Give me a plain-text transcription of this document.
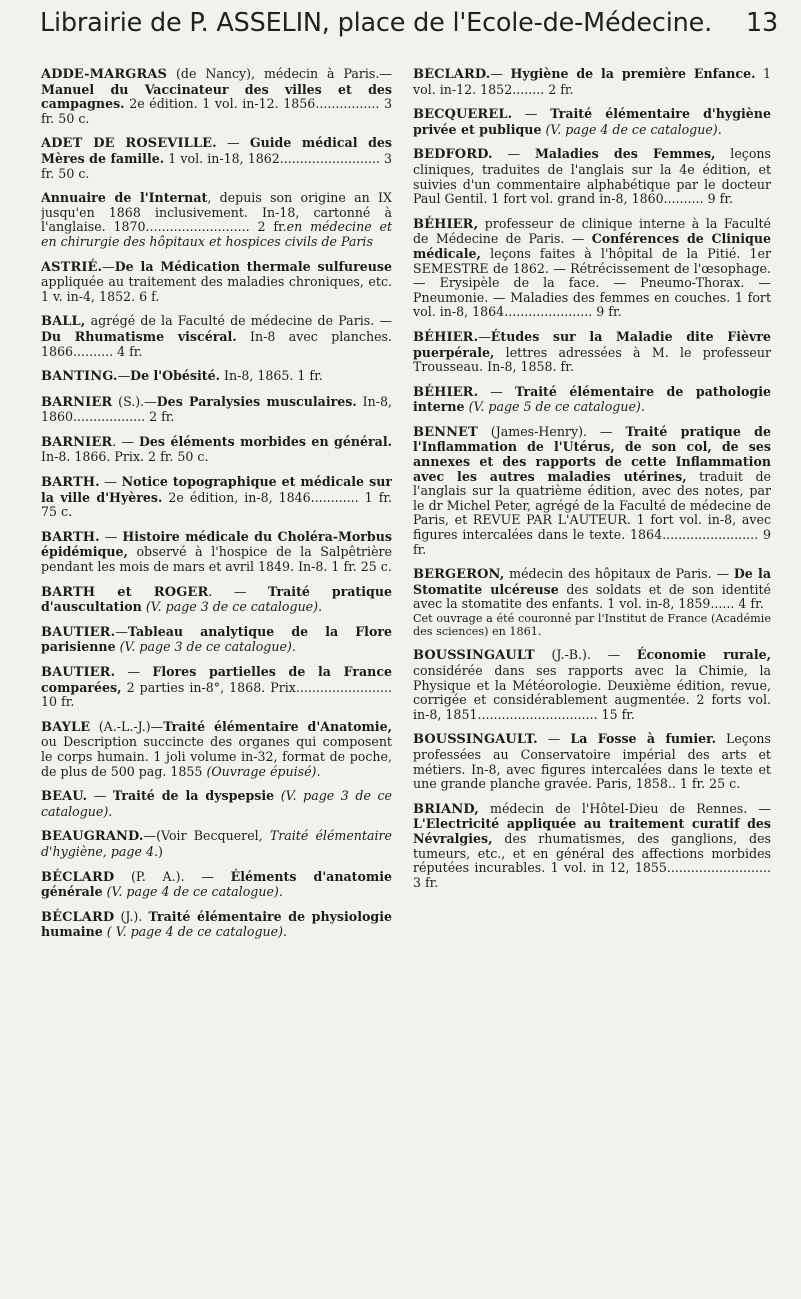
Librairie de P. ASSELIN, place de l'Ecole-de-Médecine. 13

ADDE-MARGRAS (de Nancy), médecin à Paris.—Manuel du Vaccinateur des villes et des campagnes. 2e édition. 1 vol. in-12. 1856................ 3 fr. 50 c.

ADET DE ROSEVILLE. — Guide médical des Mères de famille. 1 vol. in-18, 1862......................... 3 fr. 50 c.

Annuaire de l'Internat, depuis son origine an IX jusqu'en 1868 inclusivement. In-18, cartonné à l'anglaise. 1870.......................... 2 fr.en médecine et en chirurgie des hôpitaux et hospices civils de Paris

ASTRIÉ.—De la Médication thermale sulfureuse appliquée au traitement des maladies chroniques, etc. 1 v. in-4, 1852. 6 f.

BALL, agrégé de la Faculté de médecine de Paris. — Du Rhumatisme viscéral. In-8 avec planches. 1866.......... 4 fr.

BANTING.—De l'Obésité. In-8, 1865. 1 fr.

BARNIER (S.).—Des Paralysies musculaires. In-8, 1860.................. 2 fr.

BARNIER. — Des éléments morbides en général. In-8. 1866. Prix. 2 fr. 50 c.

BARTH. — Notice topographique et médicale sur la ville d'Hyères. 2e édition, in-8, 1846............ 1 fr. 75 c.

BARTH. — Histoire médicale du Choléra-Morbus épidémique, observé à l'hospice de la Salpêtrière pendant les mois de mars et avril 1849. In-8. 1 fr. 25 c.

BARTH et ROGER. — Traité pratique d'auscultation (V. page 3 de ce catalogue).

BAUTIER.—Tableau analytique de la Flore parisienne (V. page 3 de ce catalogue).

BAUTIER. — Flores partielles de la France comparées, 2 parties in-8°, 1868. Prix........................ 10 fr.

BAYLE (A.-L.-J.)—Traité élémentaire d'Anatomie, ou Description succincte des organes qui composent le corps humain. 1 joli volume in-32, format de poche, de plus de 500 pag. 1855 (Ouvrage épuisé).

BEAU. — Traité de la dyspepsie (V. page 3 de ce catalogue).

BEAUGRAND.—(Voir Becquerel, Traité élémentaire d'hygiène, page 4.)

BÉCLARD (P. A.). — Éléments d'anatomie générale (V. page 4 de ce catalogue).

BÉCLARD (J.). Traité élémentaire de physiologie humaine ( V. page 4 de ce catalogue).

BÉCLARD.— Hygiène de la première Enfance. 1 vol. in-12. 1852........ 2 fr.

BECQUEREL. — Traité élémentaire d'hygiène privée et publique (V. page 4 de ce catalogue).

BEDFORD. — Maladies des Femmes, leçons cliniques, traduites de l'anglais sur la 4e édition, et suivies d'un commentaire alphabétique par le docteur Paul Gentil. 1 fort vol. grand in-8, 1860.......... 9 fr.

BÉHIER, professeur de clinique interne à la Faculté de Médecine de Paris. — Conférences de Clinique médicale, leçons faites à l'hôpital de la Pitié. 1er SEMESTRE de 1862. — Rétrécissement de l'œsophage. — Erysipèle de la face. — Pneumo-Thorax. — Pneumonie. — Maladies des femmes en couches. 1 fort vol. in-8, 1864...................... 9 fr.

BÉHIER.—Études sur la Maladie dite Fièvre puerpérale, lettres adressées à M. le professeur Trousseau. In-8, 1858. fr.

BÉHIER. — Traité élémentaire de pathologie interne (V. page 5 de ce catalogue).

BENNET (James-Henry). — Traité pratique de l'Inflammation de l'Utérus, de son col, de ses annexes et des rapports de cette Inflammation avec les autres maladies utérines, traduit de l'anglais sur la quatrième édition, avec des notes, par le dr Michel Peter, agrégé de la Faculté de médecine de Paris, et REVUE PAR L'AUTEUR. 1 fort vol. in-8, avec figures intercalées dans le texte. 1864........................ 9 fr.

BERGERON, médecin des hôpitaux de Paris. — De la Stomatite ulcéreuse des soldats et de son identité avec la stomatite des enfants. 1 vol. in-8, 1859...... 4 fr.
Cet ouvrage a été couronné par l'Institut de France (Académie des sciences) en 1861.

BOUSSINGAULT (J.-B.). — Économie rurale, considérée dans ses rapports avec la Chimie, la Physique et la Météorologie. Deuxième édition, revue, corrigée et considérablement augmentée. 2 forts vol. in-8, 1851.............................. 15 fr.

BOUSSINGAULT. — La Fosse à fumier. Leçons professées au Conservatoire impérial des arts et métiers. In-8, avec figures intercalées dans le texte et une grande planche gravée. Paris, 1858.. 1 fr. 25 c.

BRIAND, médecin de l'Hôtel-Dieu de Rennes. — L'Electricité appliquée au traitement curatif des Névralgies, des rhumatismes, des ganglions, des tumeurs, etc., et en général des affections morbides réputées incurables. 1 vol. in 12, 1855.......................... 3 fr.
